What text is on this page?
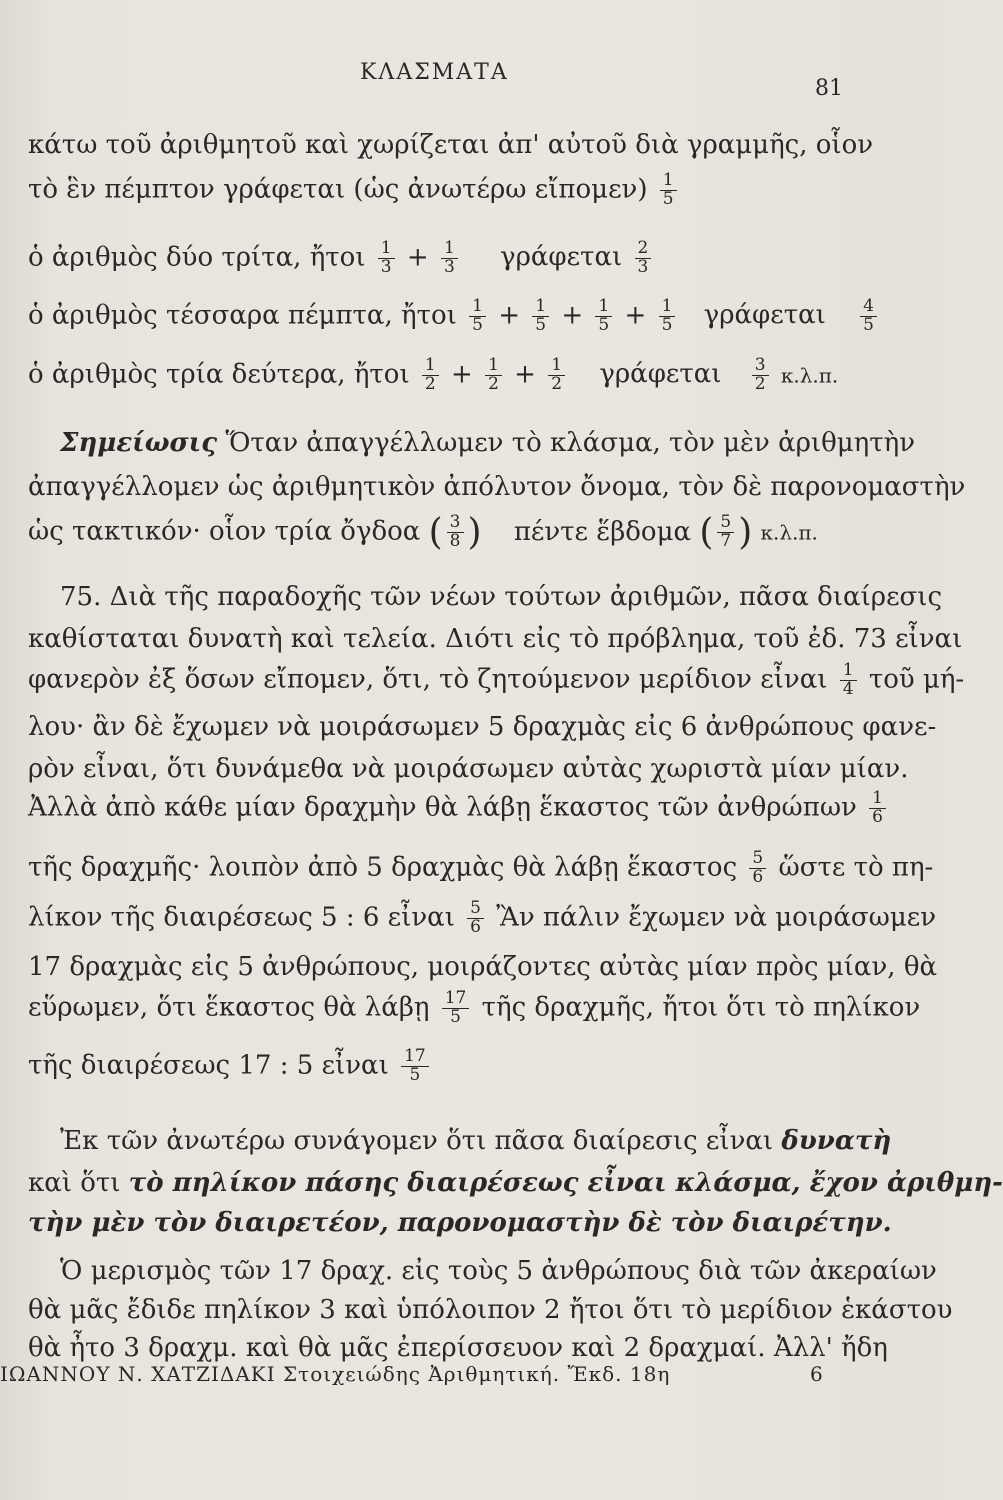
ΚΛΑΣΜΑΤΑ
81
κάτω τοῦ ἀριθμητοῦ καὶ χωρίζεται ἀπ' αὐτοῦ διὰ γραμμῆς, οἷον
τὸ ἓν πέμπτον γράφεται (ὡς ἀνωτέρω εἴπομεν) $\frac{1}{5}$
ὁ ἀριθμὸς δύο τρίτα, ἤτοι $\frac{1}{3} + \frac{1}{3}$ γράφεται $\frac{2}{3}$
ὁ ἀριθμὸς τέσσαρα πέμπτα, ἤτοι $\frac{1}{5} + \frac{1}{5} + \frac{1}{5} + \frac{1}{5}$ γράφεται $\frac{4}{5}$
ὁ ἀριθμὸς τρία δεύτερα, ἤτοι $\frac{1}{2} + \frac{1}{2} + \frac{1}{2}$ γράφεται $\frac{3}{2} \kappa.\lambda.\pi$.
Σημείωσις Ὅταν ἀπαγγέλλωμεν τὸ κλάσμα, τὸν μὲν ἀριθμητὴν
ἀπαγγέλλομεν ὡς ἀριθμητικὸν ἀπόλυτον ὄνομα, τὸν δὲ παρονομαστὴν
ὡς τακτικόν· οἷον τρία ὄγδοα ( $\frac{3}{8}$ ) πέντε ἕβδομα ( $\frac{5}{7}$ ) κ.λ.π.
75. Διὰ τῆς παραδοχῆς τῶν νέων τούτων ἀριθμῶν, πᾶσα διαίρεσις
καθίσταται δυνατὴ καὶ τελεία. Διότι εἰς τὸ πρόβλημα, τοῦ ἐδ. 73 εἶναι
φανερὸν ἐξ ὅσων εἴπομεν, ὅτι, τὸ ζητούμενον μερίδιον εἶναι $\frac{1}{4}$ τοῦ μή-
λου· ἂν δὲ ἔχωμεν νὰ μοιράσωμεν 5 δραχμὰς εἰς 6 ἀνθρώπους φανε-
ρὸν εἶναι, ὅτι δυνάμεθα νὰ μοιράσωμεν αὐτὰς χωριστὰ μίαν μίαν.
Ἀλλὰ ἀπὸ κάθε μίαν δραχμὴν θὰ λάβῃ ἕκαστος τῶν ἀνθρώπων $\frac{1}{6}$
τῆς δραχμῆς· λοιπὸν ἀπὸ 5 δραχμὰς θὰ λάβῃ ἕκαστος $\frac{5}{6}$ ὥστε τὸ πη-
λίκον τῆς διαιρέσεως 5 : 6 εἶναι $\frac{5}{6}$ Ἂν πάλιν ἔχωμεν νὰ μοιράσωμεν
17 δραχμὰς εἰς 5 ἀνθρώπους, μοιράζοντες αὐτὰς μίαν πρὸς μίαν, θὰ
εὕρωμεν, ὅτι ἕκαστος θὰ λάβῃ $\frac{17}{5}$ τῆς δραχμῆς, ἤτοι ὅτι τὸ πηλίκον
τῆς διαιρέσεως 17 : 5 εἶναι $\frac{17}{5}$
Ἐκ τῶν ἀνωτέρω συνάγομεν ὅτι πᾶσα διαίρεσις εἶναι δυνατὴ
καὶ ὅτι τὸ πηλίκον πάσης διαιρέσεως εἶναι κλάσμα, ἔχον ἀριθμη-
τὴν μὲν τὸν διαιρετέον, παρονομαστὴν δὲ τὸν διαιρέτην.
Ὁ μερισμὸς τῶν 17 δραχ. εἰς τοὺς 5 ἀνθρώπους διὰ τῶν ἀκεραίων
θὰ μᾶς ἔδιδε πηλίκον 3 καὶ ὑπόλοιπον 2 ἤτοι ὅτι τὸ μερίδιον ἑκάστου
θὰ ἦτο 3 δραχμ. καὶ θὰ μᾶς ἐπερίσσευον καὶ 2 δραχμαί. Ἀλλ' ἤδη
ΙΩΑΝΝΟΥ Ν. ΧΑΤΖΙΔΑΚΙ Στοιχειώδης Ἀριθμητική. Ἔκδ. 18η	6
